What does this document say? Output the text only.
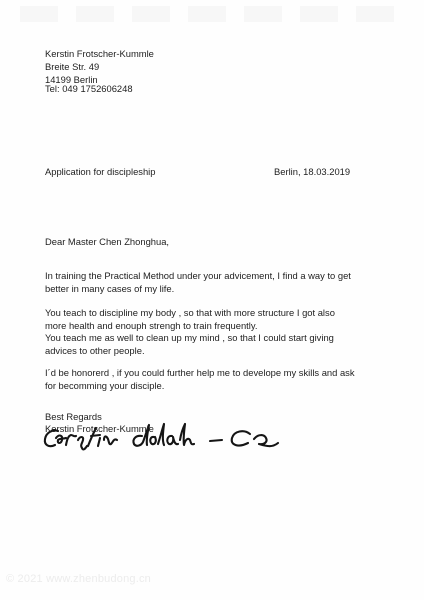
Kerstin Frotscher-Kummle

Breite Str. 49

14199 Berlin

Tel: 049 1752606248

Application for discipleship	Berlin, 18.03.2019

Dear Master Chen Zhonghua,

In training the Practical Method under your advicement, I find a way to get

better in many cases of my life.

You teach to discipline my body , so that with more structure I got also

more health and enouph strengh to train frequently.

You teach me as well to clean up my mind , so that I could start giving

advices to other people.

I´d be honorerd , if you could further help me to develope my skills and ask

for becomming your disciple.

Best Regards

Kerstin Frotscher-Kummle

© 2021 www.zhenbudong.cn
